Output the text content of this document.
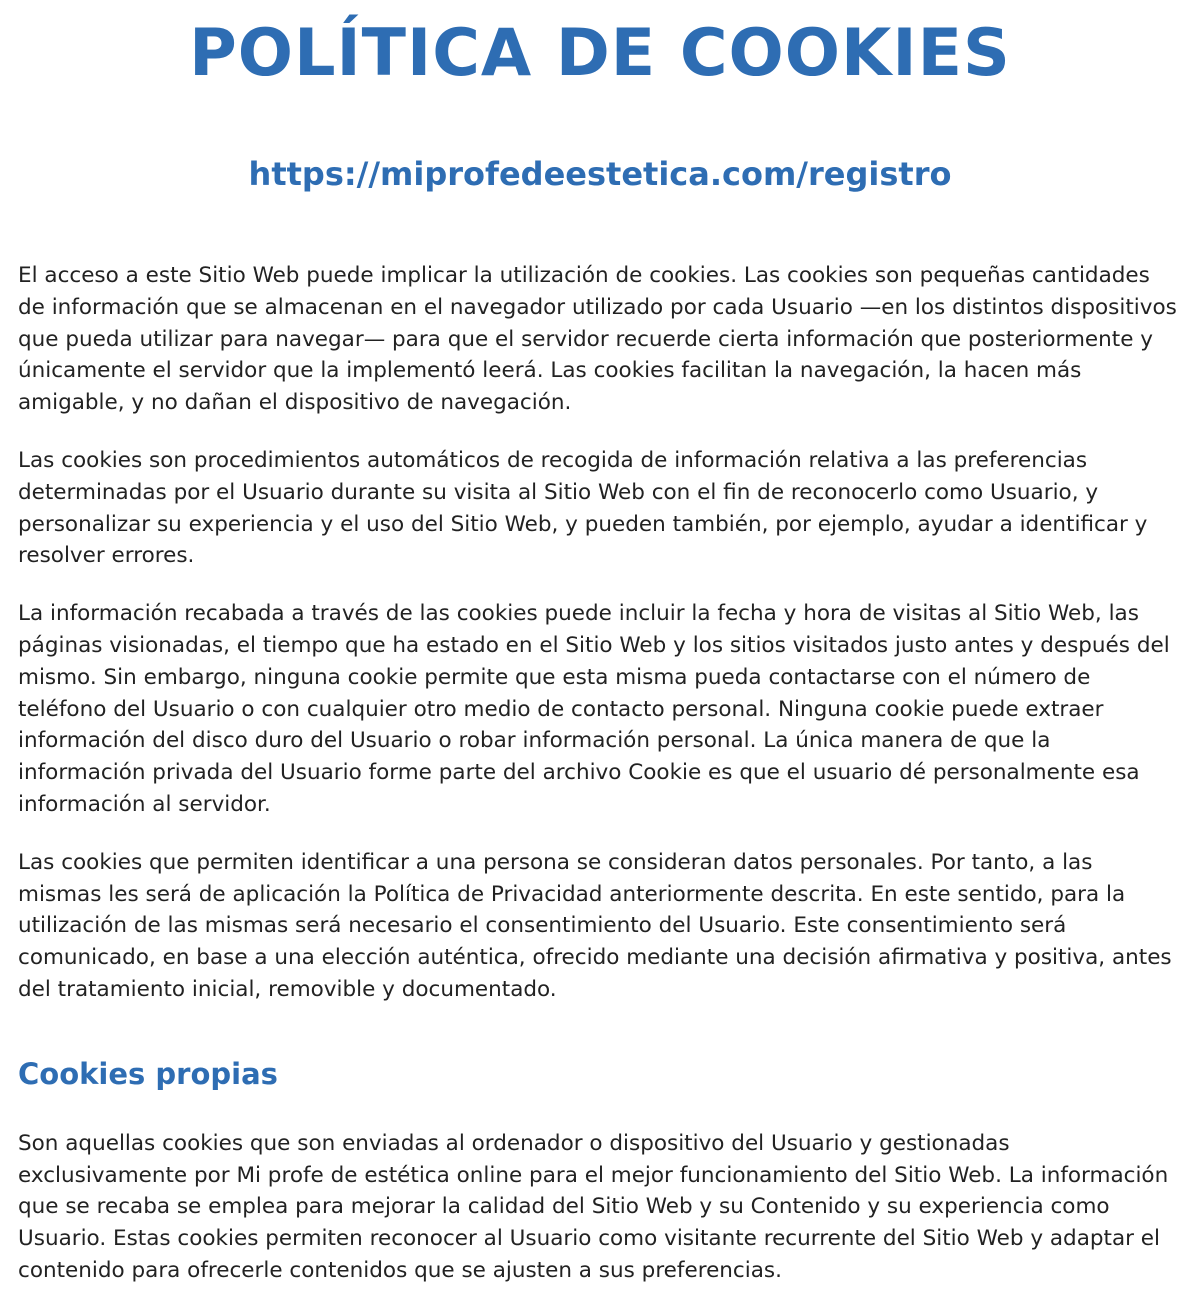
POLÍTICA DE COOKIES
https://miprofedeestetica.com/registro

El acceso a este Sitio Web puede implicar la utilización de cookies. Las cookies son pequeñas cantidades de información que se almacenan en el navegador utilizado por cada Usuario —en los distintos dispositivos que pueda utilizar para navegar— para que el servidor recuerde cierta información que posteriormente y únicamente el servidor que la implementó leerá. Las cookies facilitan la navegación, la hacen más amigable, y no dañan el dispositivo de navegación.

Las cookies son procedimientos automáticos de recogida de información relativa a las preferencias determinadas por el Usuario durante su visita al Sitio Web con el fin de reconocerlo como Usuario, y personalizar su experiencia y el uso del Sitio Web, y pueden también, por ejemplo, ayudar a identificar y resolver errores.

La información recabada a través de las cookies puede incluir la fecha y hora de visitas al Sitio Web, las páginas visionadas, el tiempo que ha estado en el Sitio Web y los sitios visitados justo antes y después del mismo. Sin embargo, ninguna cookie permite que esta misma pueda contactarse con el número de teléfono del Usuario o con cualquier otro medio de contacto personal. Ninguna cookie puede extraer información del disco duro del Usuario o robar información personal. La única manera de que la información privada del Usuario forme parte del archivo Cookie es que el usuario dé personalmente esa información al servidor.

Las cookies que permiten identificar a una persona se consideran datos personales. Por tanto, a las mismas les será de aplicación la Política de Privacidad anteriormente descrita. En este sentido, para la utilización de las mismas será necesario el consentimiento del Usuario. Este consentimiento será comunicado, en base a una elección auténtica, ofrecido mediante una decisión afirmativa y positiva, antes del tratamiento inicial, removible y documentado.

Cookies propias

Son aquellas cookies que son enviadas al ordenador o dispositivo del Usuario y gestionadas exclusivamente por Mi profe de estética online para el mejor funcionamiento del Sitio Web. La información que se recaba se emplea para mejorar la calidad del Sitio Web y su Contenido y su experiencia como Usuario. Estas cookies permiten reconocer al Usuario como visitante recurrente del Sitio Web y adaptar el contenido para ofrecerle contenidos que se ajusten a sus preferencias.
